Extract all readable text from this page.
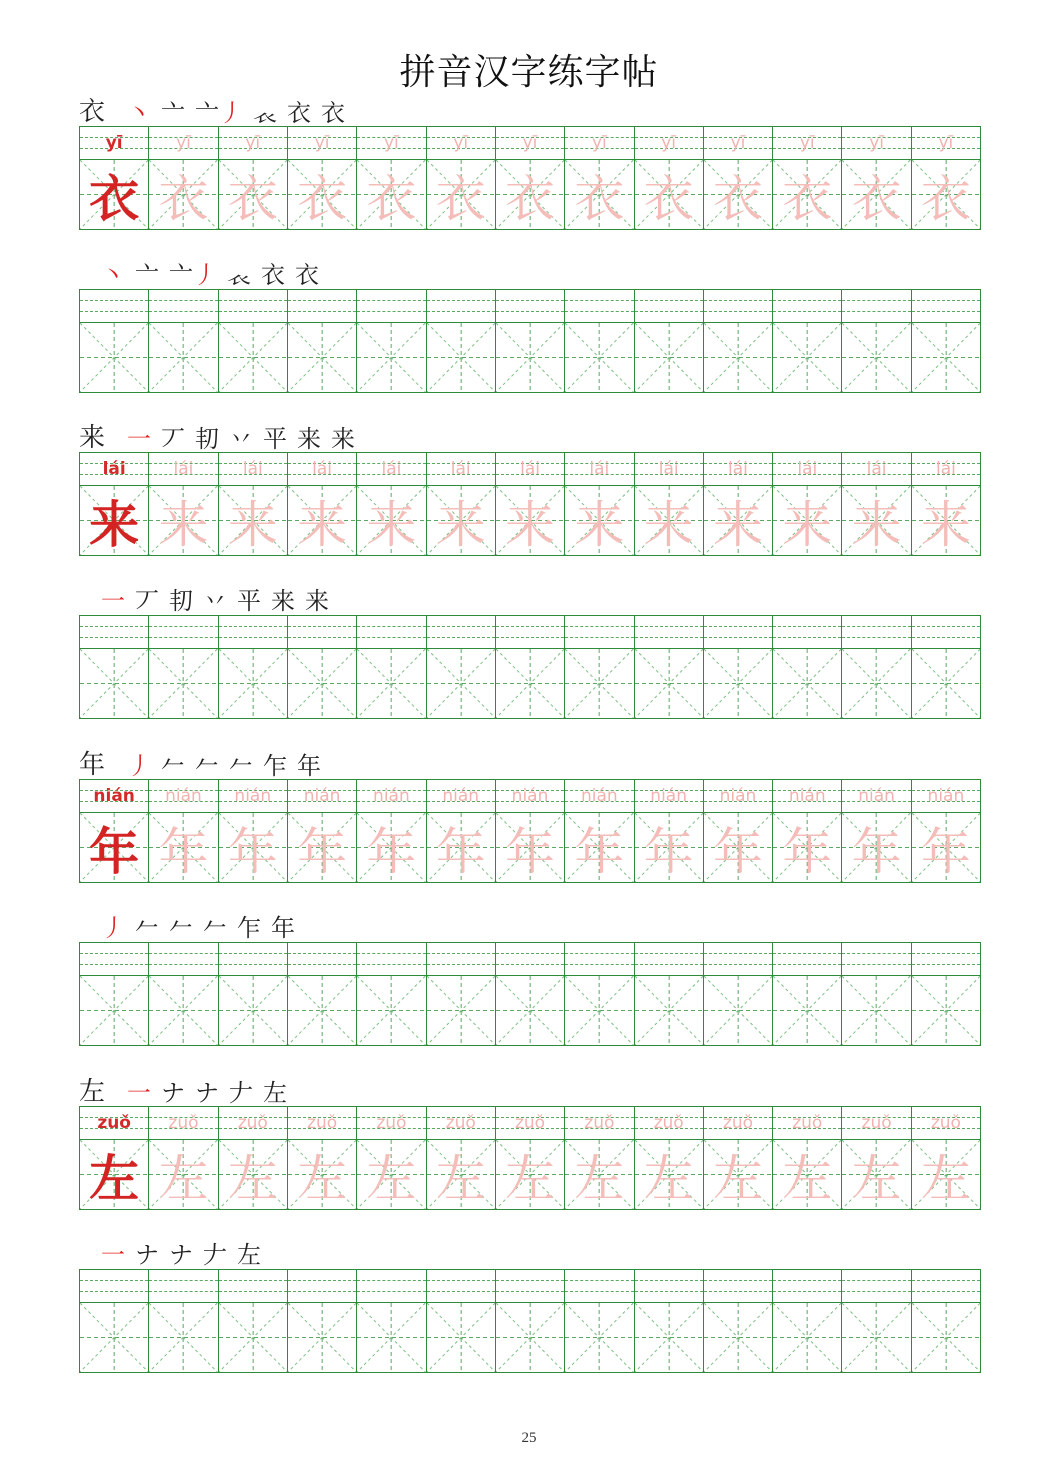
拼音汉字练字帖
衣 丶 亠 亠丿 𧘇 衣 衣
yī	yī	yī	yī	yī	yī	yī	yī	yī	yī	yī	yī	yī
衣 衣 衣 衣 衣 衣 衣 衣 衣 衣 衣 衣 衣
丶 亠 亠丿 𧘇 衣 衣
来 一 丆 㓞 丷 平 来 来
lái	lái	lái	lái	lái	lái	lái	lái	lái	lái	lái	lái	lái
来 来 来 来 来 来 来 来 来 来 来 来 来
一 丆 㓞 丷 平 来 来
年 丿 𠂉 𠂉 𠂉 乍 年
nián	nián	nián	nián	nián	nián	nián	nián	nián	nián	nián	nián	nián
年 年 年 年 年 年 年 年 年 年 年 年 年
丿 𠂉 𠂉 𠂉 乍 年
左 一 ナ ナ 𠂇 左
zuǒ	zuǒ	zuǒ	zuǒ	zuǒ	zuǒ	zuǒ	zuǒ	zuǒ	zuǒ	zuǒ	zuǒ	zuǒ
左 左 左 左 左 左 左 左 左 左 左 左 左
一 ナ ナ 𠂇 左
25
